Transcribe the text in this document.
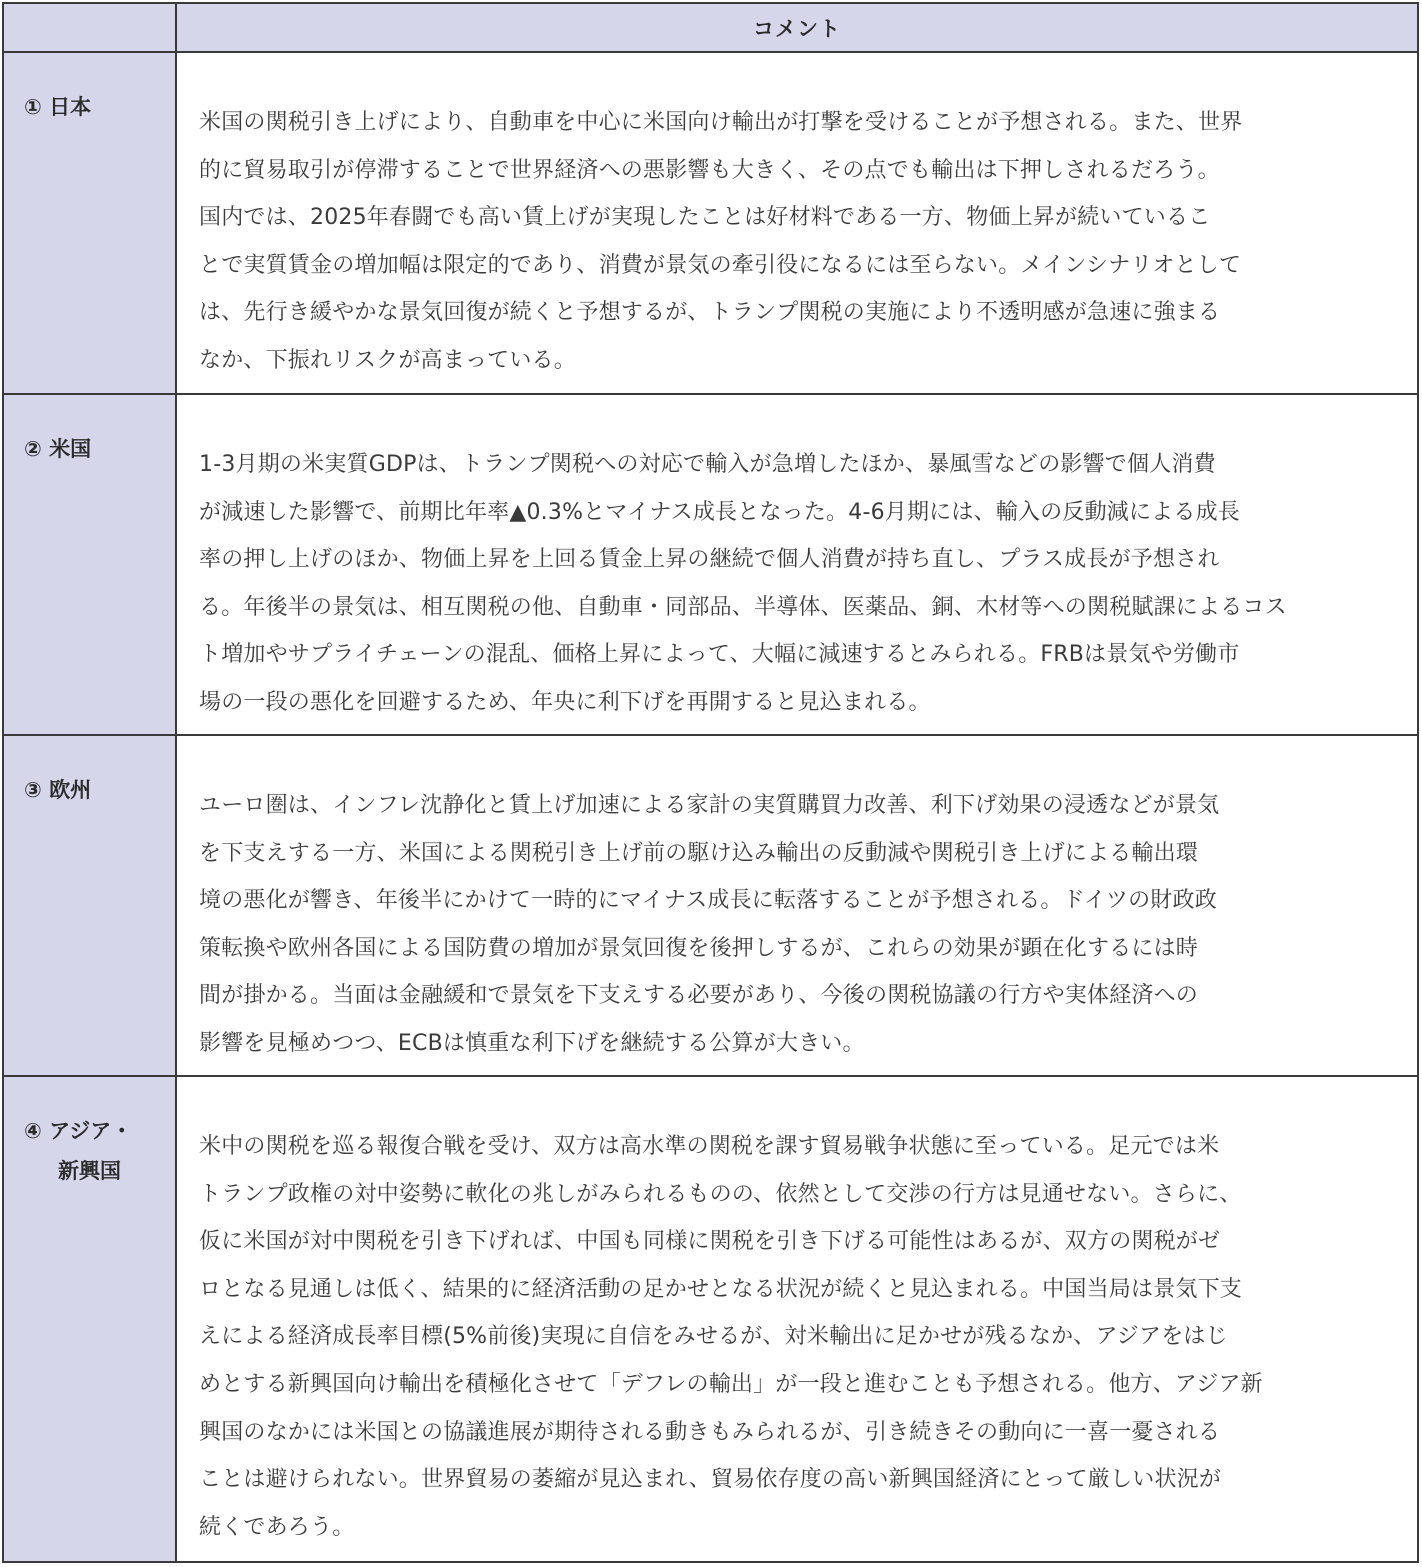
コメント
① 日本
米国の関税引き上げにより、自動車を中心に米国向け輸出が打撃を受けることが予想される。また、世界
的に貿易取引が停滞することで世界経済への悪影響も大きく、その点でも輸出は下押しされるだろう。
国内では、2025年春闘でも高い賃上げが実現したことは好材料である一方、物価上昇が続いているこ
とで実質賃金の増加幅は限定的であり、消費が景気の牽引役になるには至らない。メインシナリオとして
は、先行き緩やかな景気回復が続くと予想するが、トランプ関税の実施により不透明感が急速に強まる
なか、下振れリスクが高まっている。
② 米国
1-3月期の米実質GDPは、トランプ関税への対応で輸入が急増したほか、暴風雪などの影響で個人消費
が減速した影響で、前期比年率▲0.3%とマイナス成長となった。4-6月期には、輸入の反動減による成長
率の押し上げのほか、物価上昇を上回る賃金上昇の継続で個人消費が持ち直し、プラス成長が予想され
る。年後半の景気は、相互関税の他、自動車・同部品、半導体、医薬品、銅、木材等への関税賦課によるコス
ト増加やサプライチェーンの混乱、価格上昇によって、大幅に減速するとみられる。FRBは景気や労働市
場の一段の悪化を回避するため、年央に利下げを再開すると見込まれる。
③ 欧州
ユーロ圏は、インフレ沈静化と賃上げ加速による家計の実質購買力改善、利下げ効果の浸透などが景気
を下支えする一方、米国による関税引き上げ前の駆け込み輸出の反動減や関税引き上げによる輸出環
境の悪化が響き、年後半にかけて一時的にマイナス成長に転落することが予想される。ドイツの財政政
策転換や欧州各国による国防費の増加が景気回復を後押しするが、これらの効果が顕在化するには時
間が掛かる。当面は金融緩和で景気を下支えする必要があり、今後の関税協議の行方や実体経済への
影響を見極めつつ、ECBは慎重な利下げを継続する公算が大きい。
④ アジア・
新興国
米中の関税を巡る報復合戦を受け、双方は高水準の関税を課す貿易戦争状態に至っている。足元では米
トランプ政権の対中姿勢に軟化の兆しがみられるものの、依然として交渉の行方は見通せない。さらに、
仮に米国が対中関税を引き下げれば、中国も同様に関税を引き下げる可能性はあるが、双方の関税がゼ
ロとなる見通しは低く、結果的に経済活動の足かせとなる状況が続くと見込まれる。中国当局は景気下支
えによる経済成長率目標(5%前後)実現に自信をみせるが、対米輸出に足かせが残るなか、アジアをはじ
めとする新興国向け輸出を積極化させて「デフレの輸出」が一段と進むことも予想される。他方、アジア新
興国のなかには米国との協議進展が期待される動きもみられるが、引き続きその動向に一喜一憂される
ことは避けられない。世界貿易の萎縮が見込まれ、貿易依存度の高い新興国経済にとって厳しい状況が
続くであろう。
